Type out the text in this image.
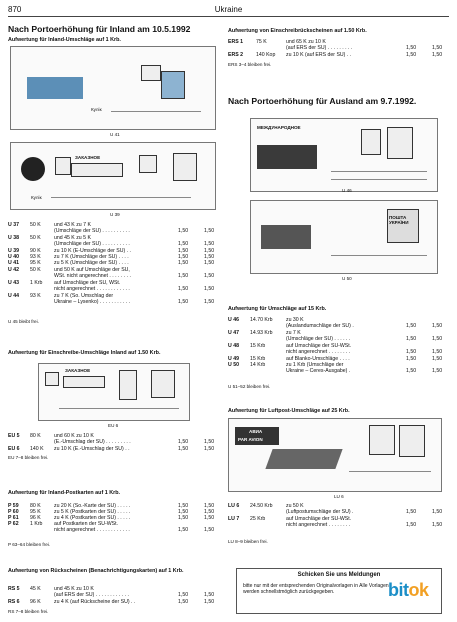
870	Ukraine
Nach Portoerhöhung für Inland am 10.5.1992
Aufwertung für Inland-Umschläge auf 1 Krb.
Кулік
U 41
ЗАКАЗНОЕ
Кулік
U 39
U 37 50 K	und 43 K zu 7 K
(Umschläge der SU) . . . . . . . . . .	1,50	1,50
U 38 50 K	und 45 K zu 5 K
(Umschläge der SU) . . . . . . . . . .	1,50	1,50
U 39 90 K	zu 10 K (E-Umschläge der SU) . .	1,50	1,50
U 40 93 K	zu 7 K (Umschläge der SU) . . . .	1,50	1,50
U 41 95 K	zu 5 K (Umschläge der SU) . . . .	1,50	1,50
U 42 50 K	und 50 K auf Umschläge der SU,
WSt. nicht angerechnet . . . . . . . .	1,50	1,50
U 43 1 Krb auf Umschläge der SU, WSt.
nicht angerechnet . . . . . . . . . . . .	1,50	1,50
U 44 93 K	zu 7 K (So. Umschlag der
Ukraine – Lysenko) . . . . . . . . . . .	1,50	1,50
U 45 bleibt frei.
Aufwertung für Einschreibe-Umschläge Inland auf 1.50 Krb.
ЗАКАЗНОЕ
EU 6
EU 5 80 K	und 60 K zu 10 K
(E.-Umschlag der SU) . . . . . . . . .	1,50	1,50
EU 6 140 K zu 10 K (E.-Umschlag der SU) . .	1,50	1,50
EU 7–8 bleiben frei.
Aufwertung für Inland-Postkarten auf 1 Krb.
P 59 80 K	zu 20 K (So.-Karte der SU) . . . . .	1,50	1,50
P 60 95 K	zu 5 K (Postkarten der SU) . . . . .	1,50	1,50
P 61 96 K	zu 4 K (Postkarten der SU) . . . . .	1,50	1,50
P 62 1 Krb auf Postkarten der SU-WSt.
nicht angerechnet . . . . . . . . . . . .	1,50	1,50
P 63–64 bleiben frei.
Aufwertung von Rückscheinen (Benachrichtigungskarten) auf 1 Krb.
RS 5 45 K	und 45 K zu 10 K
(auf ERS der SU) . . . . . . . . . . . .	1,50	1,50
RS 6 96 K	zu 4 K (auf Rückscheine der SU) . .	1,50	1,50
RS 7–8 bleiben frei.
Aufwertung von Einschreibrückscheinen auf 1.50 Krb.
ERS 1	75 K	und 65 K zu 10 K
(auf ERS der SU) . . . . . . . . .	1,50	1,50
ERS 2	140 Kop zu 10 K (auf ERS der SU) . .	1,50	1,50
ERS 3–4 bleiben frei.
Nach Portoerhöhung für Ausland am 9.7.1992.
МЕЖДУНАРОДНОЕ
U 46
ПОШТА УКРАЇНИ
U 50
Aufwertung für Umschläge auf 15 Krb.
U 46 14.70 Krb	zu 30 K
(Auslandumschläge der SU) .	1,50	1,50
U 47 14.93 Krb	zu 7 K
(Umschläge der SU) . . . . . .	1,50	1,50
U 48 15 Krb	auf Umschläge der SU-WSt.
nicht angerechnet . . . . . . . .	1,50	1,50
U 49 15 Krb	auf Blanko-Umschläge . . . .	1,50	1,50
U 50 14 Krb	zu 1 Krb (Umschläge der
Ukraine – Ceres-Ausgabe) .	1,50	1,50
U 51–52 bleiben frei.
Aufwertung für Luftpost-Umschläge auf 25 Krb.
АВИА
PAR AVION
LU 6
LU 6 24.50 Krb	zu 50 K
(Luftpostumschläge der SU) .	1,50	1,50
LU 7 25 Krb	auf Umschläge der SU-WSt.
nicht angerechnet . . . . . . . .	1,50	1,50
LU 8–9 bleiben frei.
Schicken Sie uns Meldungen
bitte nur mit der entsprechenden Originalvorlagen in Alle Vorlagen werden schnellstmöglich zurückgegeben.	bitok
